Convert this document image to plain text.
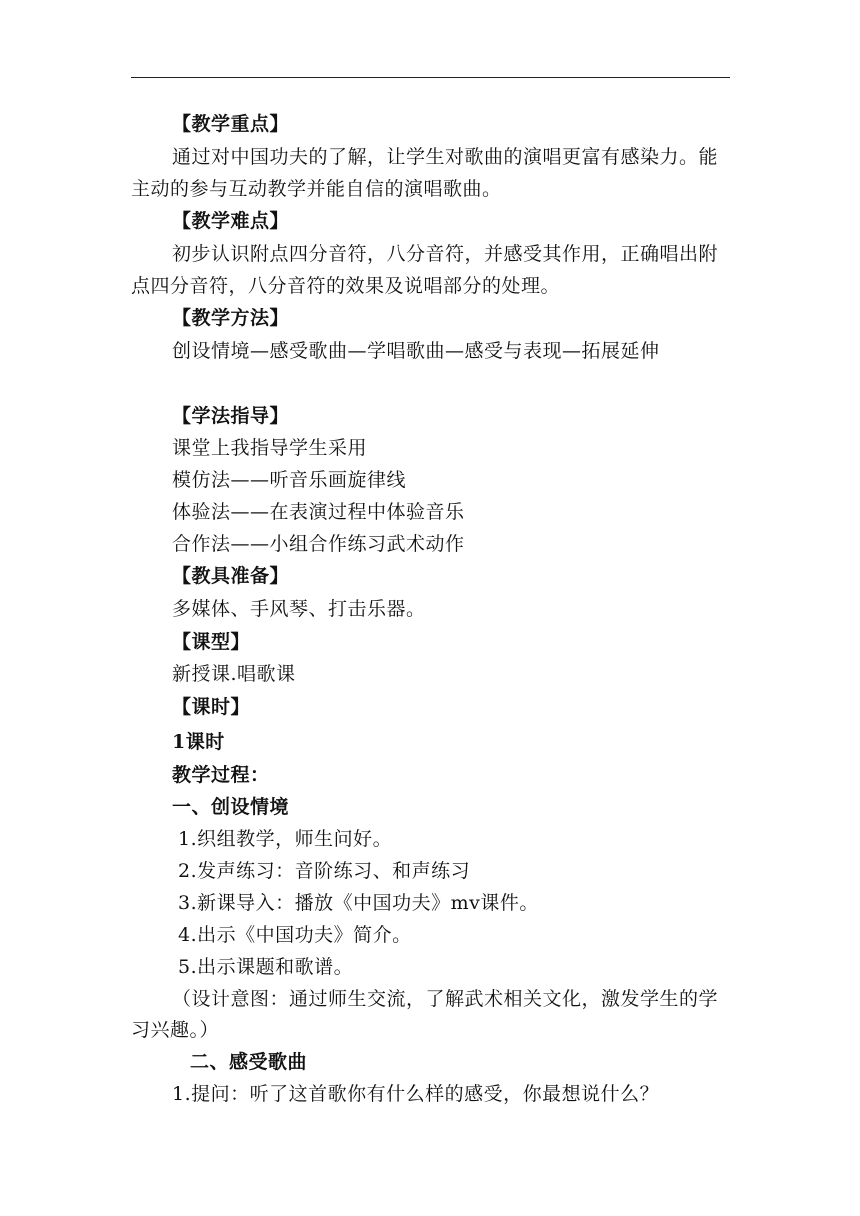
【教学重点】
通过对中国功夫的了解，让学生对歌曲的演唱更富有感染力。能
主动的参与互动教学并能自信的演唱歌曲。
【教学难点】
初步认识附点四分音符，八分音符，并感受其作用，正确唱出附
点四分音符，八分音符的效果及说唱部分的处理。
【教学方法】
创设情境—感受歌曲—学唱歌曲—感受与表现—拓展延伸
【学法指导】
课堂上我指导学生采用
模仿法——听音乐画旋律线
体验法——在表演过程中体验音乐
合作法——小组合作练习武术动作
【教具准备】
多媒体、手风琴、打击乐器。
【课型】
新授课.唱歌课
【课时】
1课时
教学过程：
一、创设情境
1.织组教学，师生问好。
2.发声练习：音阶练习、和声练习
3.新课导入：播放《中国功夫》mv课件。
4.出示《中国功夫》简介。
5.出示课题和歌谱。
（设计意图：通过师生交流，了解武术相关文化，激发学生的学
习兴趣。）
二、感受歌曲
1.提问：听了这首歌你有什么样的感受，你最想说什么？
